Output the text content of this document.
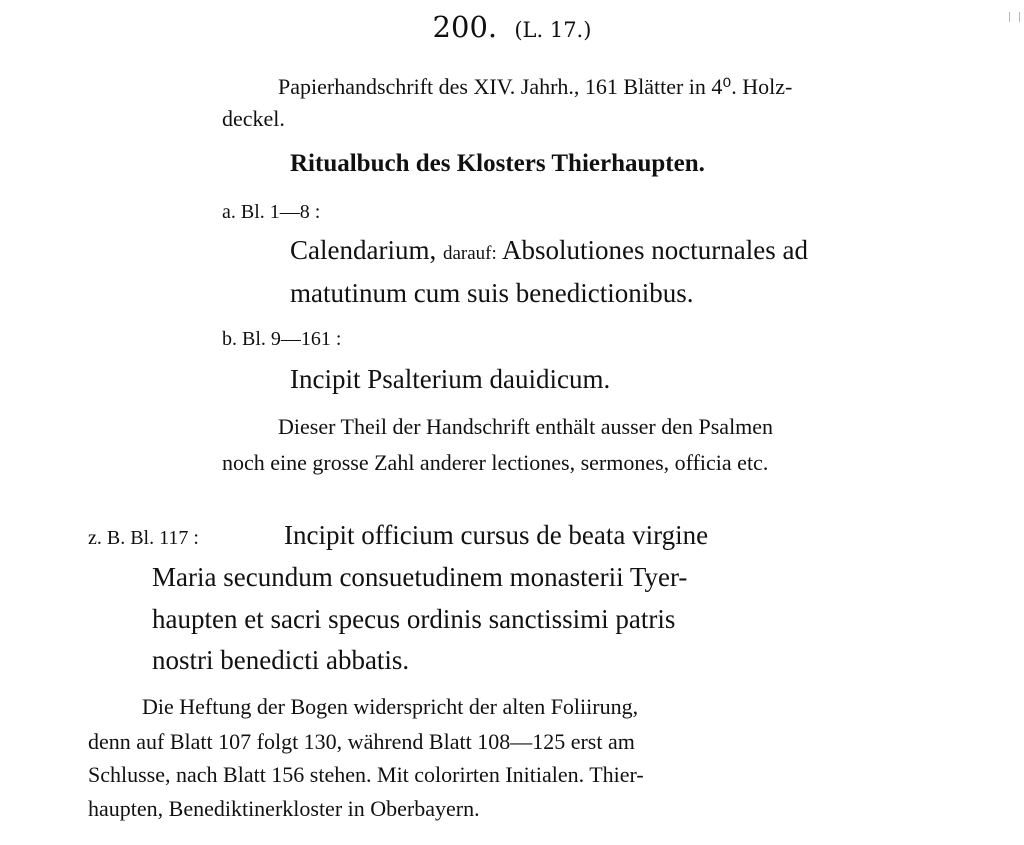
200. (L. 17.)
Papierhandschrift des XIV. Jahrh., 161 Blätter in 4⁰. Holz-
deckel.
Ritualbuch des Klosters Thierhaupten.
a. Bl. 1—8 :
Calendarium, darauf: Absolutiones nocturnales ad
matutinum cum suis benedictionibus.
b. Bl. 9—161 :
Incipit Psalterium dauidicum.
Dieser Theil der Handschrift enthält ausser den Psalmen
noch eine grosse Zahl anderer lectiones, sermones, officia etc.
z. B. Bl. 117 :	Incipit officium cursus de beata virgine
Maria secundum consuetudinem monasterii Tyer-
haupten et sacri specus ordinis sanctissimi patris
nostri benedicti abbatis.
Die Heftung der Bogen widerspricht der alten Foliirung,
denn auf Blatt 107 folgt 130, während Blatt 108—125 erst am
Schlusse, nach Blatt 156 stehen. Mit colorirten Initialen. Thier-
haupten, Benediktinerkloster in Oberbayern.
